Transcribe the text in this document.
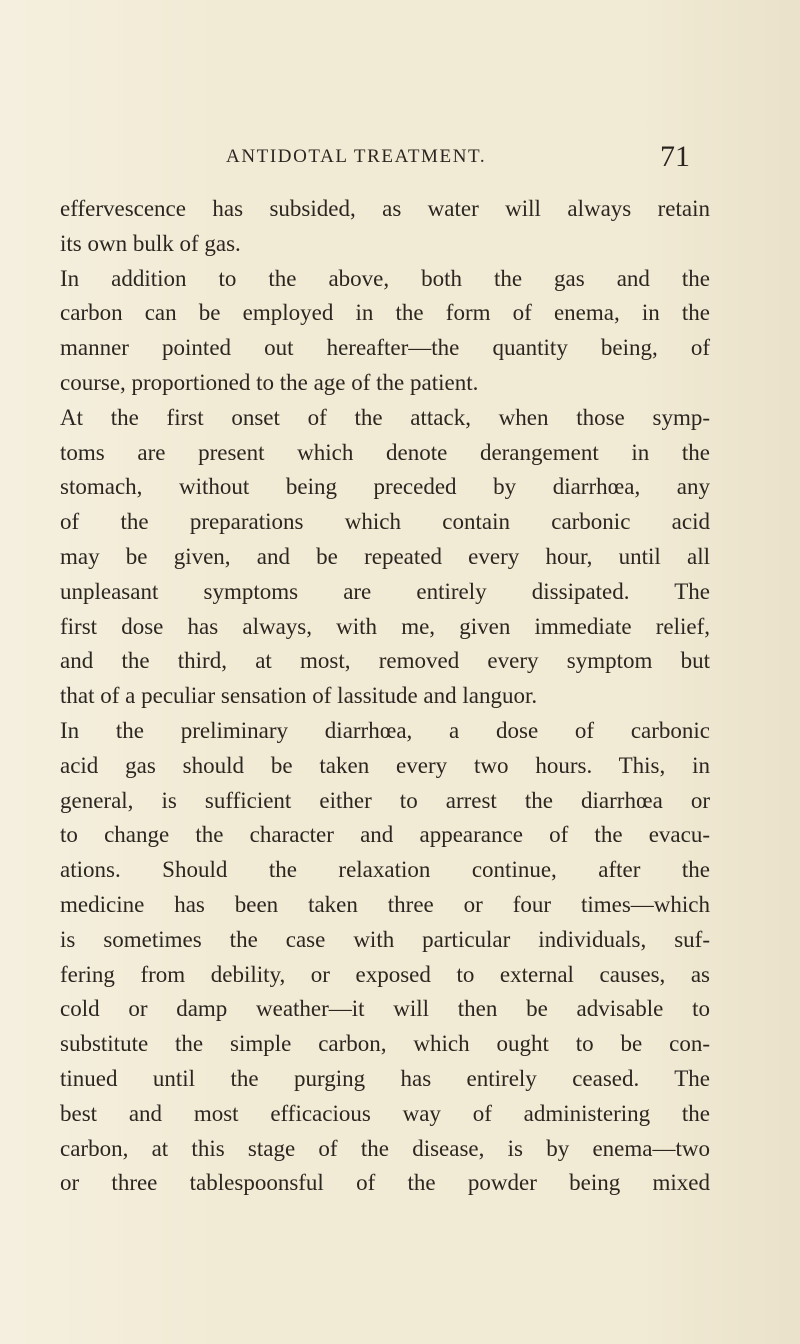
ANTIDOTAL TREATMENT.	71
effervescence has subsided, as water will always retain
its own bulk of gas.
In addition to the above, both the gas and the
carbon can be employed in the form of enema, in the
manner pointed out hereafter—the quantity being, of
course, proportioned to the age of the patient.
At the first onset of the attack, when those symp-
toms are present which denote derangement in the
stomach, without being preceded by diarrhœa, any
of the preparations which contain carbonic acid
may be given, and be repeated every hour, until all
unpleasant symptoms are entirely dissipated. The
first dose has always, with me, given immediate relief,
and the third, at most, removed every symptom but
that of a peculiar sensation of lassitude and languor.
In the preliminary diarrhœa, a dose of carbonic
acid gas should be taken every two hours. This, in
general, is sufficient either to arrest the diarrhœa or
to change the character and appearance of the evacu-
ations. Should the relaxation continue, after the
medicine has been taken three or four times—which
is sometimes the case with particular individuals, suf-
fering from debility, or exposed to external causes, as
cold or damp weather—it will then be advisable to
substitute the simple carbon, which ought to be con-
tinued until the purging has entirely ceased. The
best and most efficacious way of administering the
carbon, at this stage of the disease, is by enema—two
or three tablespoonsful of the powder being mixed
